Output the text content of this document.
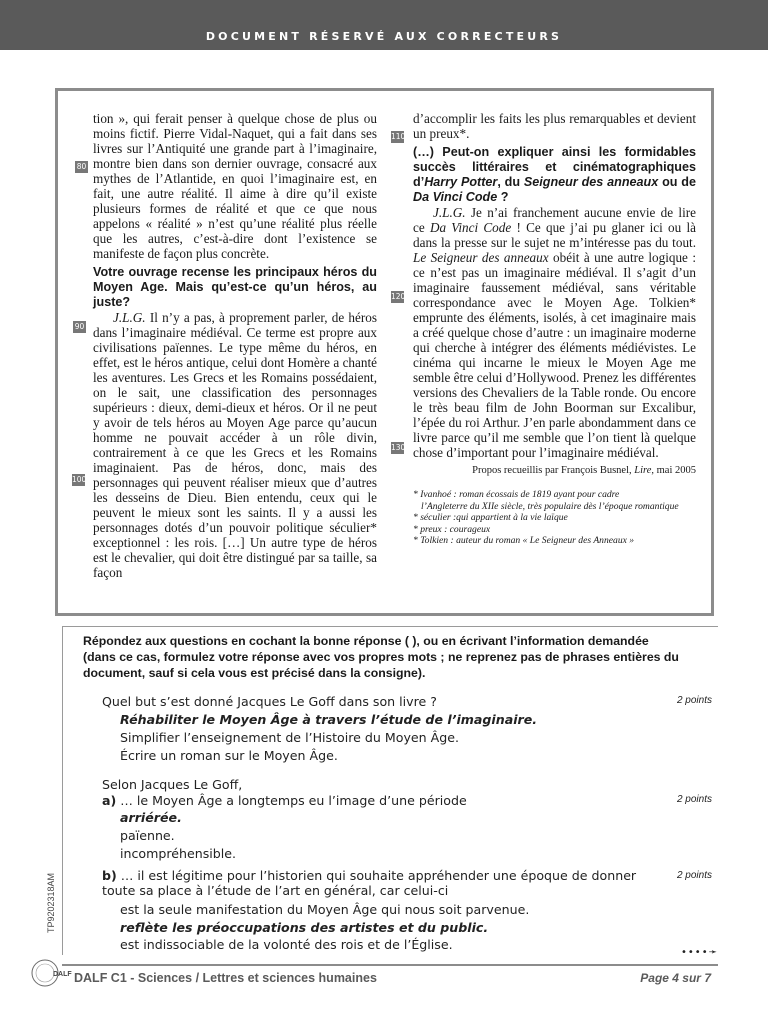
DOCUMENT RÉSERVÉ AUX CORRECTEURS
80
90
100
110
120
130

tion », qui ferait penser à quelque chose de plus ou moins fictif. Pierre Vidal-Naquet, qui a fait dans ses livres sur l’Antiquité une grande part à l’imaginaire, montre bien dans son dernier ouvrage, consacré aux mythes de l’Atlantide, en quoi l’imaginaire est, en fait, une autre réalité. Il aime à dire qu’il existe plusieurs formes de réalité et que ce que nous appelons « réalité » n’est qu’une réalité plus réelle que les autres, c’est-à-dire dont l’existence se manifeste de façon plus concrète.

Votre ouvrage recense les principaux héros du Moyen Age. Mais qu’est-ce qu’un héros, au juste?

J.L.G. Il n’y a pas, à proprement parler, de héros dans l’imaginaire médiéval. Ce terme est propre aux civilisations païennes. Le type même du héros, en effet, est le héros antique, celui dont Homère a chanté les aventures. Les Grecs et les Romains possédaient, on le sait, une classification des personnages supérieurs : dieux, demi-dieux et héros. Or il ne peut y avoir de tels héros au Moyen Age parce qu’aucun homme ne pouvait accéder à un rôle divin, contrairement à ce que les Grecs et les Romains imaginaient. Pas de héros, donc, mais des personnages qui peuvent réaliser mieux que d’autres les desseins de Dieu. Bien entendu, ceux qui le peuvent le mieux sont les saints. Il y a aussi les personnages dotés d’un pouvoir politique séculier* exceptionnel : les rois. […] Un autre type de héros est le chevalier, qui doit être distingué par sa taille, sa façon

d’accomplir les faits les plus remarquables et devient un preux*.

(…) Peut-on expliquer ainsi les formidables succès littéraires et cinématographiques d’Harry Potter, du Seigneur des anneaux ou de Da Vinci Code ?

J.L.G. Je n’ai franchement aucune envie de lire ce Da Vinci Code ! Ce que j’ai pu glaner ici ou là dans la presse sur le sujet ne m’intéresse pas du tout. Le Seigneur des anneaux obéit à une autre logique : ce n’est pas un imaginaire médiéval. Il s’agit d’un imaginaire faussement médiéval, sans véritable correspondance avec le Moyen Age. Tolkien* emprunte des éléments, isolés, à cet imaginaire mais a créé quelque chose d’autre : un imaginaire moderne qui cherche à intégrer des éléments médiévistes. Le cinéma qui incarne le mieux le Moyen Age me semble être celui d’Hollywood. Prenez les différentes versions des Chevaliers de la Table ronde. Ou encore le très beau film de John Boorman sur Excalibur, l’épée du roi Arthur. J’en parle abondamment dans ce livre parce qu’il me semble que l’on tient là quelque chose d’important pour l’imaginaire médiéval.

Propos recueillis par François Busnel, Lire, mai 2005

* Ivanhoé : roman écossais de 1819 ayant pour cadre
l’Angleterre du XIIe siècle, très populaire dès l’époque romantique
* séculier :qui appartient à la vie laïque
* preux : courageux
* Tolkien : auteur du roman « Le Seigneur des Anneaux »
Répondez aux questions en cochant la bonne réponse ( ), ou en écrivant l’information demandée (dans ce cas, formulez votre réponse avec vos propres mots ; ne reprenez pas de phrases entières du document, sauf si cela vous est précisé dans la consigne).
Quel but s’est donné Jacques Le Goff dans son livre ?	2 points
Réhabiliter le Moyen Âge à travers l’étude de l’imaginaire.
Simplifier l’enseignement de l’Histoire du Moyen Âge.
Écrire un roman sur le Moyen Âge.
Selon Jacques Le Goff,
a) … le Moyen Âge a longtemps eu l’image d’une période	2 points
arriérée.
païenne.
incompréhensible.
b) … il est légitime pour l’historien qui souhaite appréhender une époque de donner	2 points
toute sa place à l’étude de l’art en général, car celui-ci
est la seule manifestation du Moyen Âge qui nous soit parvenue.
reflète les préoccupations des artistes et du public.
est indissociable de la volonté des rois et de l’Église.
••••➛
TP9202318AM
DALF DALF C1 - Sciences / Lettres et sciences humaines	Page 4 sur 7
